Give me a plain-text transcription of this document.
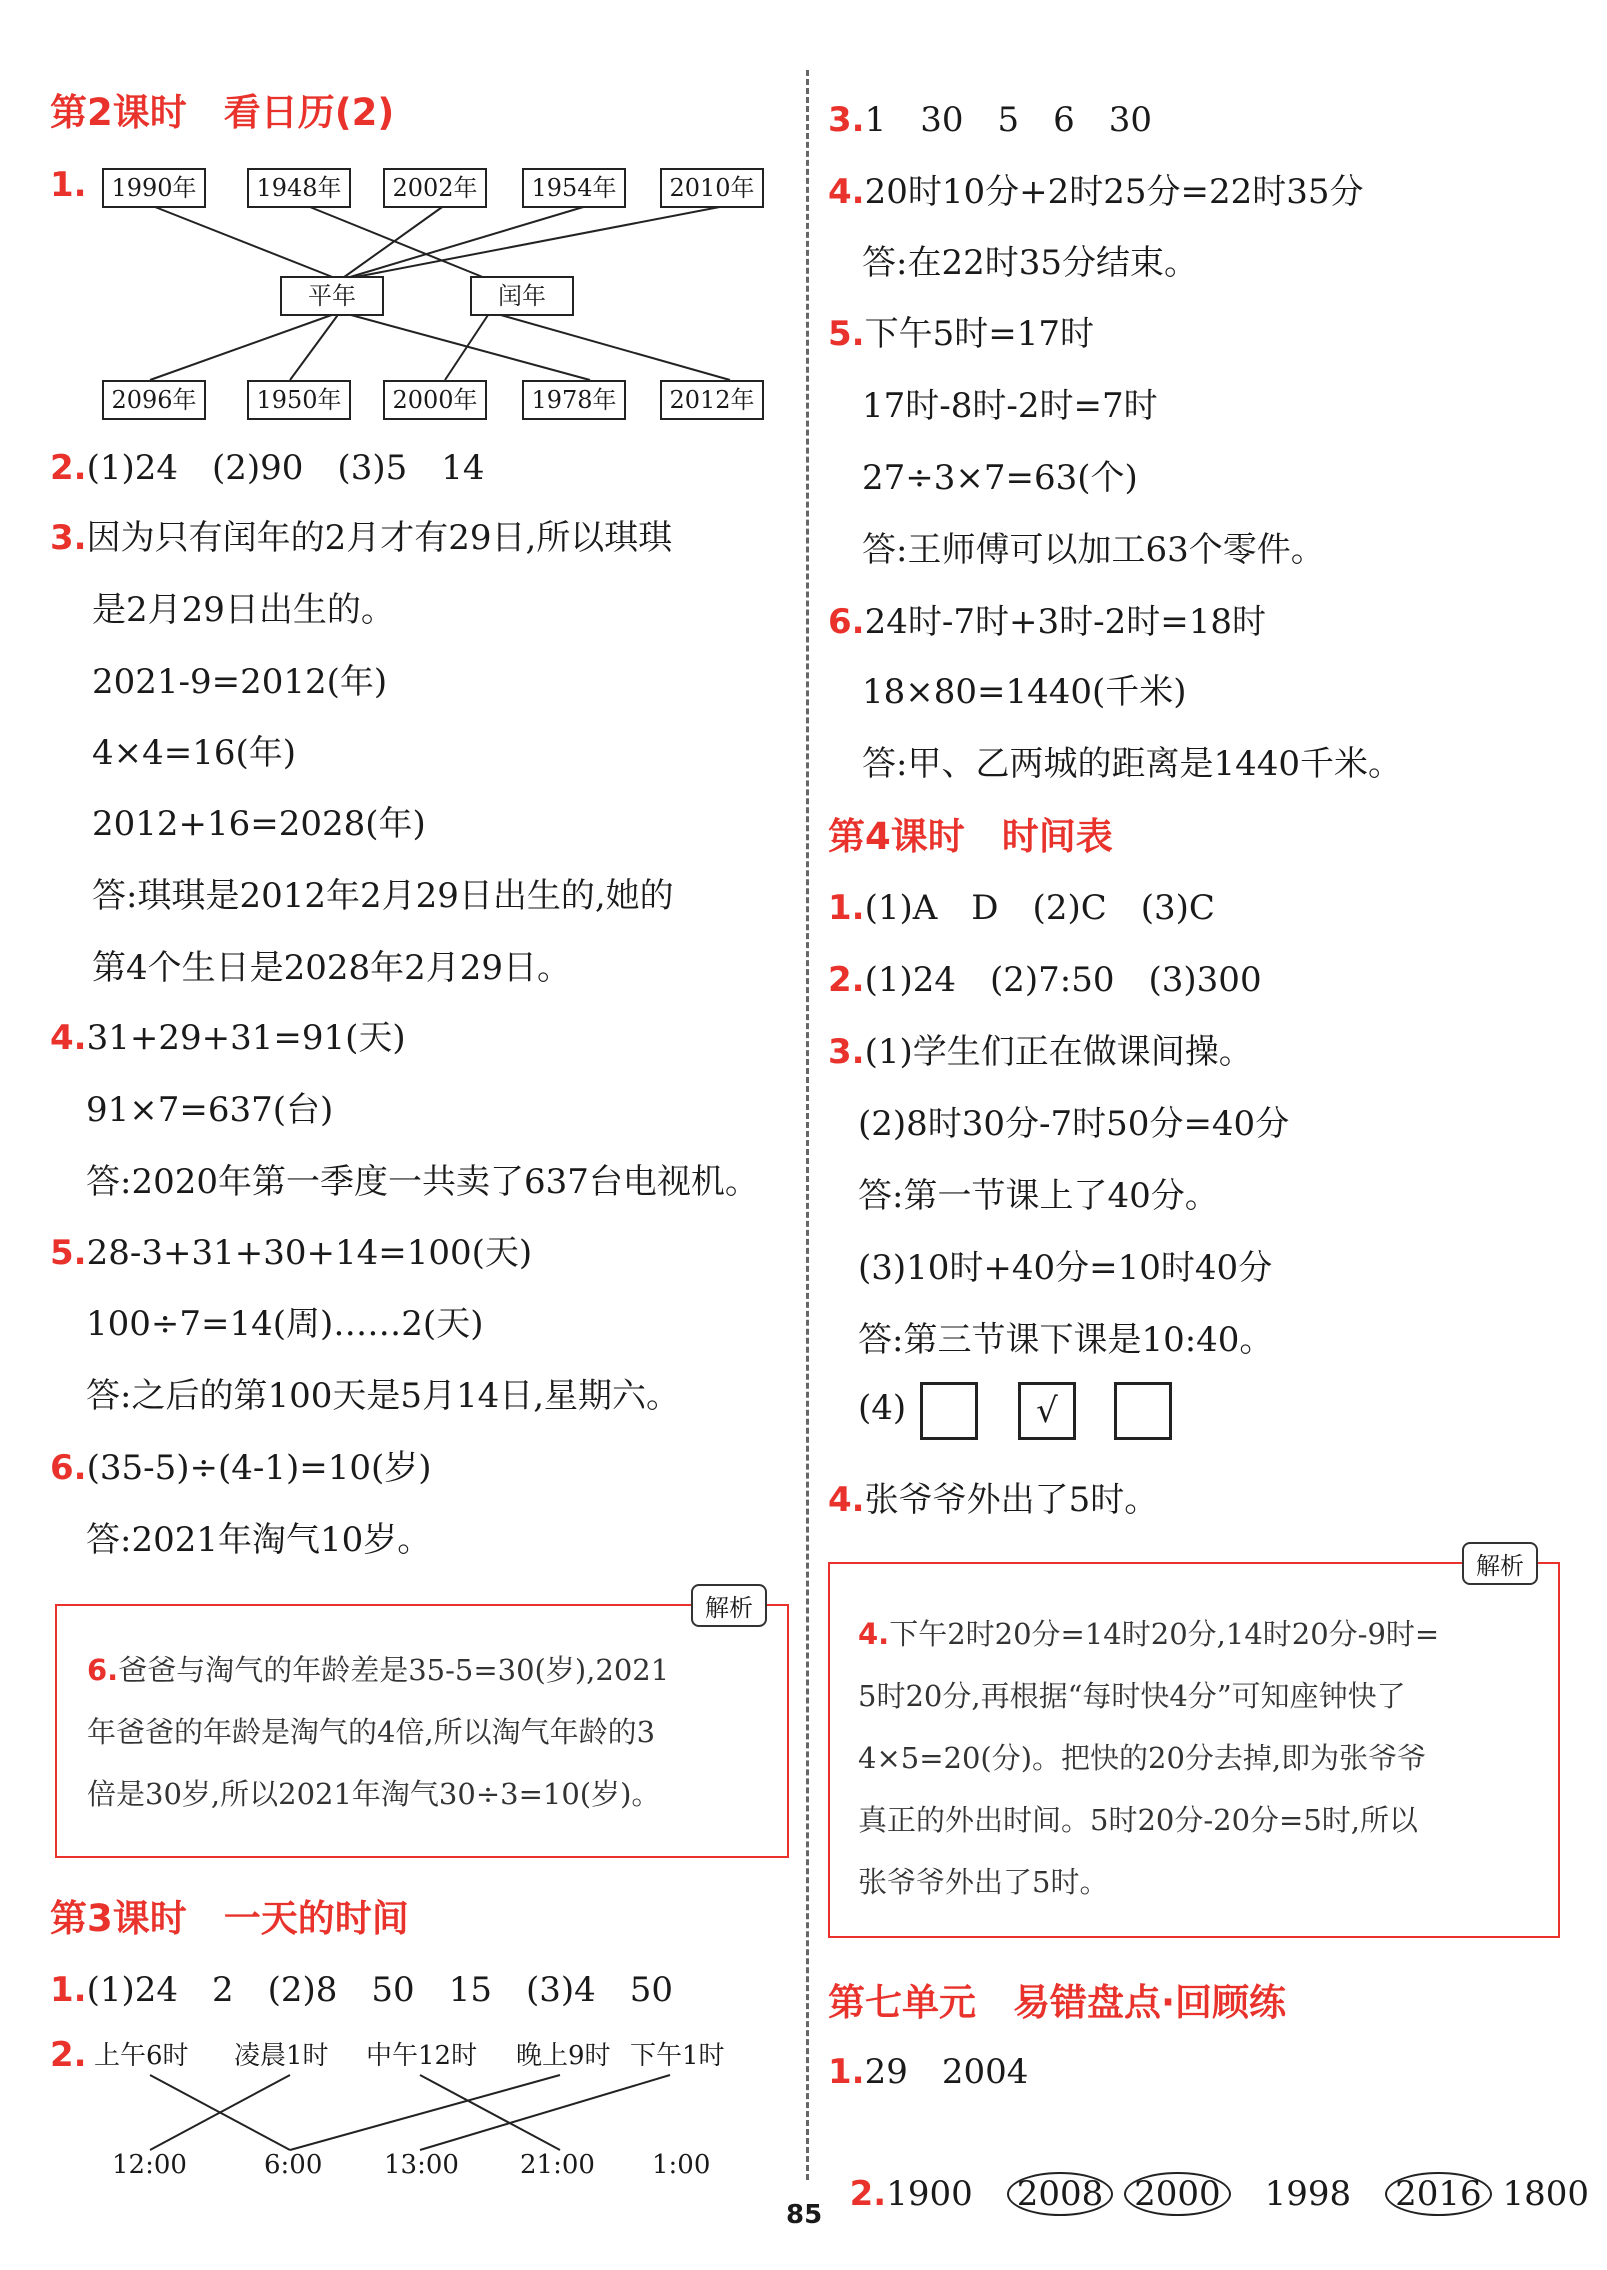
第2课时　看日历(2)
1.	1990年	1948年	2002年	1954年	2010年
平年	闰年
2096年	1950年	2000年	1978年	2012年
2.(1)24　(2)90　(3)5　14
3.因为只有闰年的2月才有29日,所以琪琪
是2月29日出生的。
2021-9=2012(年)
4×4=16(年)
2012+16=2028(年)
答:琪琪是2012年2月29日出生的,她的
第4个生日是2028年2月29日。
4.31+29+31=91(天)
91×7=637(台)
答:2020年第一季度一共卖了637台电视机。
5.28-3+31+30+14=100(天)
100÷7=14(周)……2(天)
答:之后的第100天是5月14日,星期六。
6.(35-5)÷(4-1)=10(岁)
答:2021年淘气10岁。
解析
6.爸爸与淘气的年龄差是35-5=30(岁),2021
年爸爸的年龄是淘气的4倍,所以淘气年龄的3
倍是30岁,所以2021年淘气30÷3=10(岁)。
第3课时　一天的时间
1.(1)24　2　(2)8　50　15　(3)4　50
2. 上午6时 凌晨1时 中午12时 晚上9时 下午1时
12:00	6:00 13:00 21:00 1:00
3.1　30　5　6　30
4.20时10分+2时25分=22时35分
答:在22时35分结束。
5.下午5时=17时
17时-8时-2时=7时
27÷3×7=63(个)
答:王师傅可以加工63个零件。
6.24时-7时+3时-2时=18时
18×80=1440(千米)
答:甲、乙两城的距离是1440千米。
第4课时　时间表
1.(1)A　D　(2)C　(3)C
2.(1)24　(2)7:50　(3)300
3.(1)学生们正在做课间操。
(2)8时30分-7时50分=40分
答:第一节课上了40分。
(3)10时+40分=10时40分
答:第三节课下课是10:40。
(4)	√
4.张爷爷外出了5时。
解析
4.下午2时20分=14时20分,14时20分-9时=
5时20分,再根据“每时快4分”可知座钟快了
4×5=20(分)。把快的20分去掉,即为张爷爷
真正的外出时间。5时20分-20分=5时,所以
张爷爷外出了5时。
第七单元　易错盘点·回顾练
1.29　2004

2.1900　 2008 2000　 1998　 2016 1800

85
